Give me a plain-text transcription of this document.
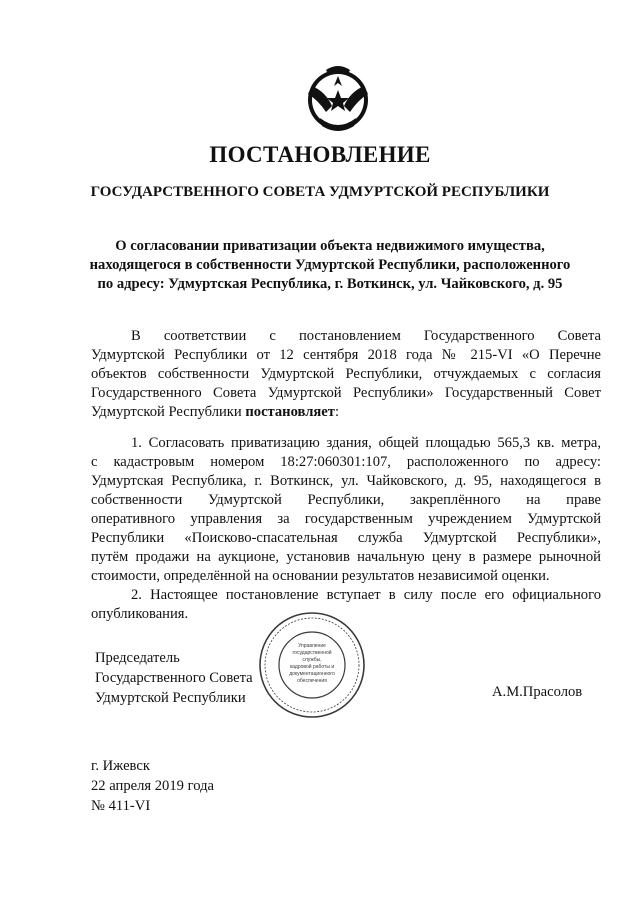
ПОСТАНОВЛЕНИЕ
ГОСУДАРСТВЕННОГО СОВЕТА УДМУРТСКОЙ РЕСПУБЛИКИ
О согласовании приватизации объекта недвижимого имущества,
находящегося в собственности Удмуртской Республики, расположенного
по адресу: Удмуртская Республика, г. Воткинск, ул. Чайковского, д. 95
В соответствии с постановлением Государственного Совета
Удмуртской Республики от 12 сентября 2018 года № 215-VI «О Перечне
объектов собственности Удмуртской Республики, отчуждаемых с согласия
Государственного Совета Удмуртской Республики» Государственный Совет
Удмуртской Республики постановляет:
1. Согласовать приватизацию здания, общей площадью 565,3 кв. метра,
с кадастровым номером 18:27:060301:107, расположенного по адресу:
Удмуртская Республика, г. Воткинск, ул. Чайковского, д. 95, находящегося в
собственности Удмуртской Республики, закреплённого на праве
оперативного управления за государственным учреждением Удмуртской
Республики «Поисково-спасательная служба Удмуртской Республики»,
путём продажи на аукционе, установив начальную цену в размере рыночной
стоимости, определённой на основании результатов независимой оценки.
2. Настоящее постановление вступает в силу после его официального
опубликования.
Управление
государственной
службы,
кадровой работы и
документационного
обеспечения
Председатель
Государственного Совета
Удмуртской Республики	А.М.Прасолов
г. Ижевск
22 апреля 2019 года
№ 411-VI
